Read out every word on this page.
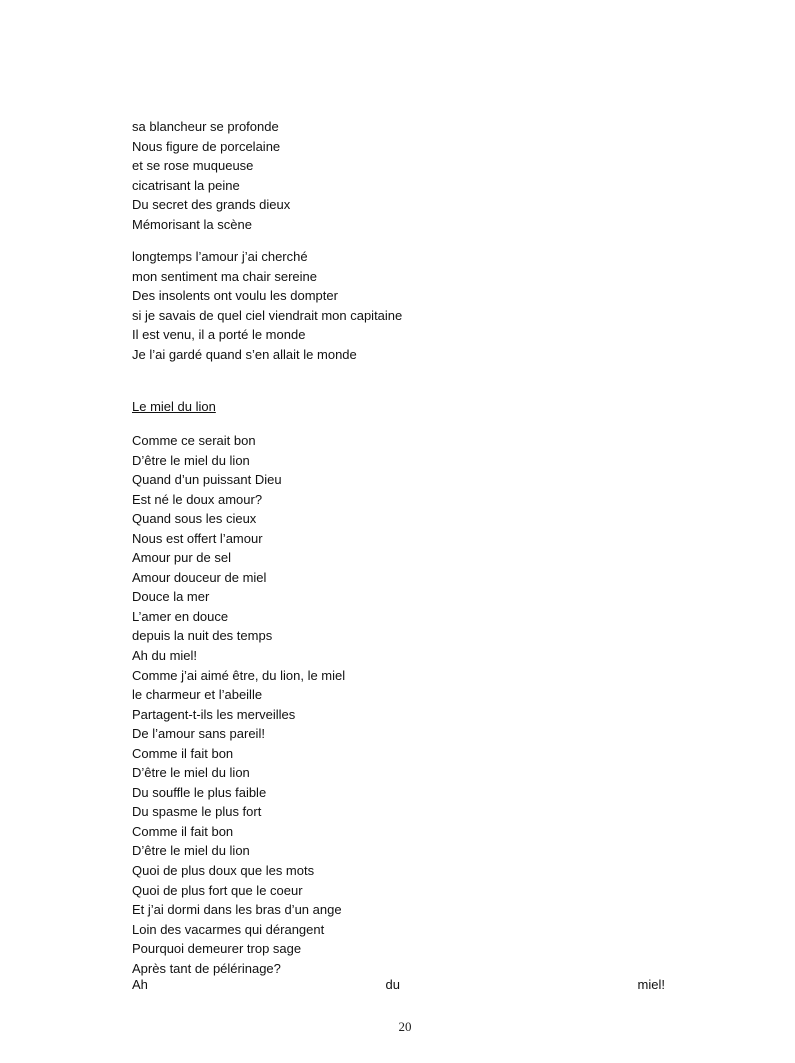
sa blancheur se profonde
Nous figure de porcelaine
et se rose muqueuse
cicatrisant la peine
Du secret des grands dieux
Mémorisant la scène
longtemps l’amour j’ai cherché
mon sentiment ma chair sereine
Des insolents ont voulu les dompter
si je savais de quel ciel viendrait mon capitaine
Il est venu, il a porté le monde
Je l’ai gardé quand s’en allait le monde
Le miel du lion
Comme ce serait bon
D’être le miel du lion
Quand d’un puissant Dieu
Est né le doux amour?
Quand sous les cieux
Nous est offert l’amour
Amour pur de sel
Amour douceur de miel
Douce la mer
L’amer en douce
depuis la nuit des temps
Ah du miel!
Comme j’ai aimé être, du lion, le miel
le charmeur et l’abeille
Partagent-t-ils les merveilles
De l’amour sans pareil!
Comme il fait bon
D’être le miel du lion
Du souffle le plus faible
Du spasme le plus fort
Comme il fait bon
D’être le miel du lion
Quoi de plus doux que les mots
Quoi de plus fort que le coeur
Et j’ai dormi dans les bras d’un ange
Loin des vacarmes qui dérangent
Pourquoi demeurer trop sage
Après tant de pélérinage?
Ah	du	miel!
20
